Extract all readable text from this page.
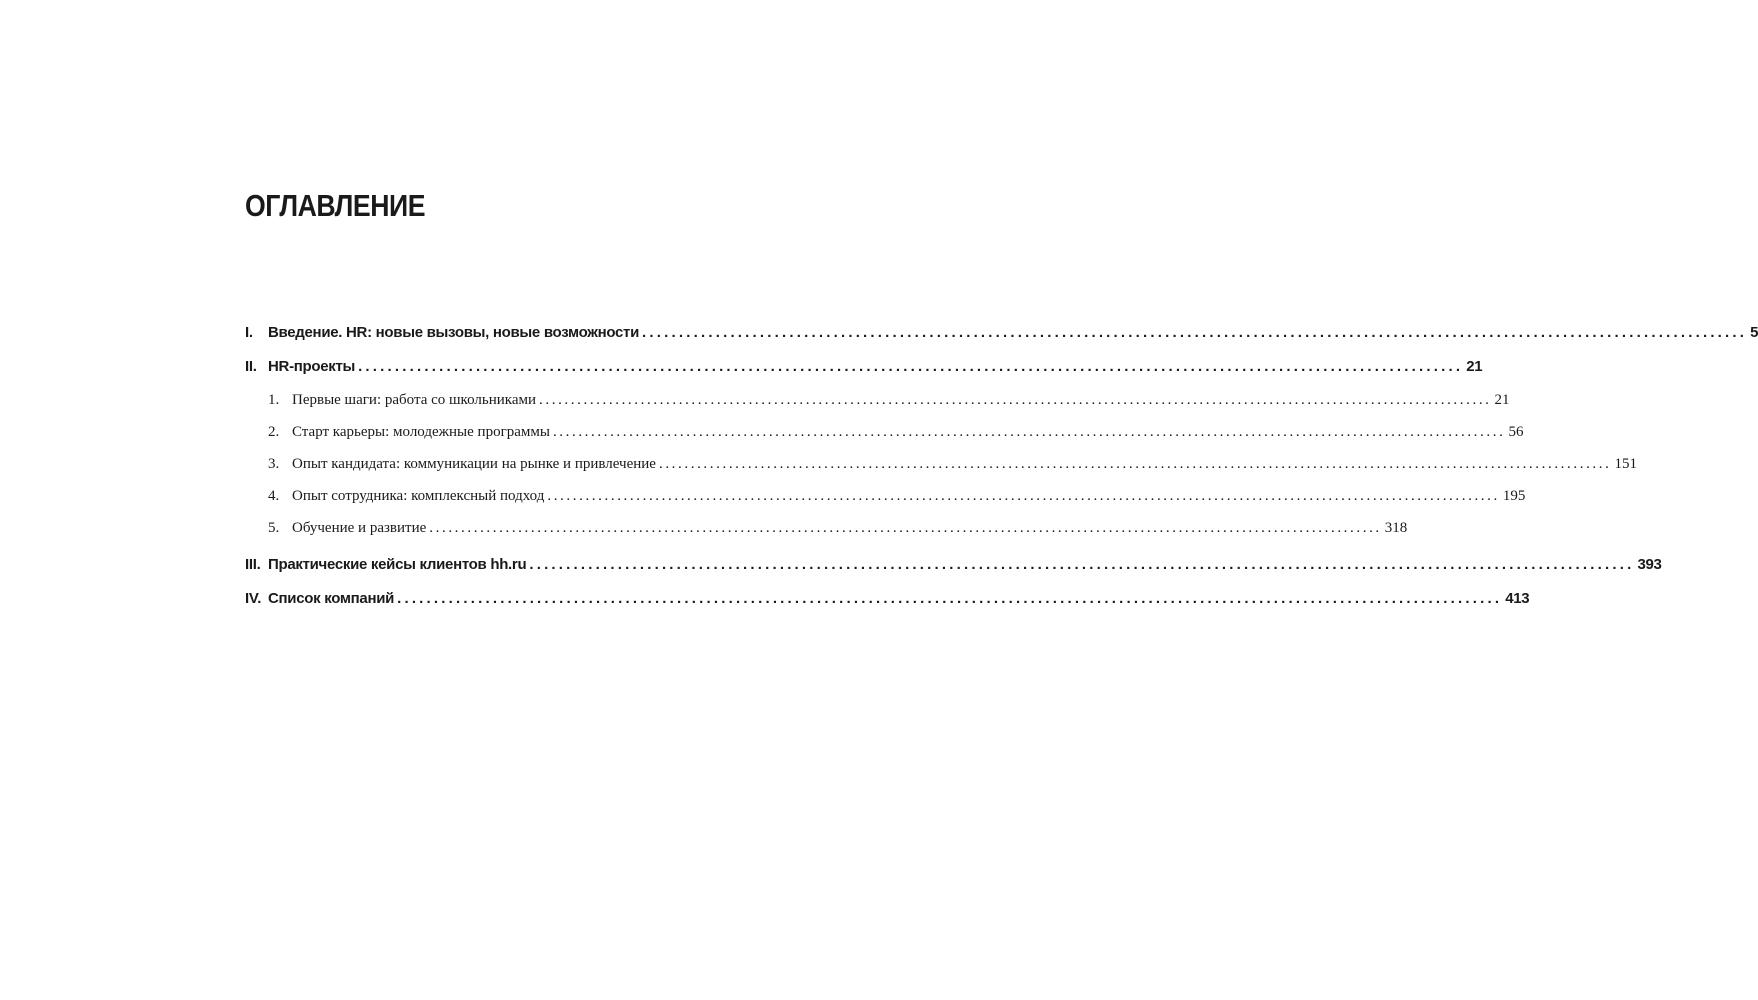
ОГЛАВЛЕНИЕ
I.	Введение. HR: новые вызовы, новые возможности ...................................................................................................................................................... 5
II. HR-проекты ...................................................................................................................................................... 21
1. Первые шаги: работа со школьниками ...................................................................................................................................................... 21
2. Старт карьеры: молодежные программы ...................................................................................................................................................... 56
3. Опыт кандидата: коммуникации на рынке и привлечение ...................................................................................................................................................... 151
4. Опыт сотрудника: комплексный подход ...................................................................................................................................................... 195
5. Обучение и развитие ...................................................................................................................................................... 318
III. Практические кейсы клиентов hh.ru ...................................................................................................................................................... 393
IV. Список компаний ...................................................................................................................................................... 413
